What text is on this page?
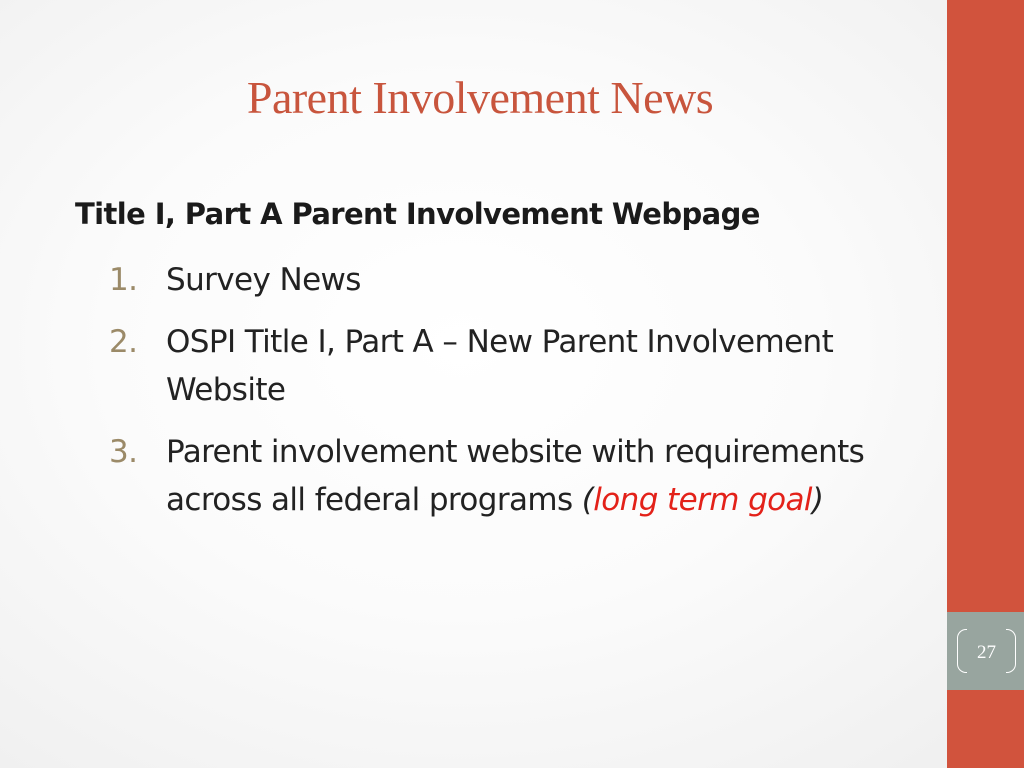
27
Parent Involvement News
Title I, Part A Parent Involvement Webpage
1. Survey News
2. OSPI Title I, Part A – New Parent Involvement Website
3. Parent involvement website with requirements across all federal programs (long term goal)
